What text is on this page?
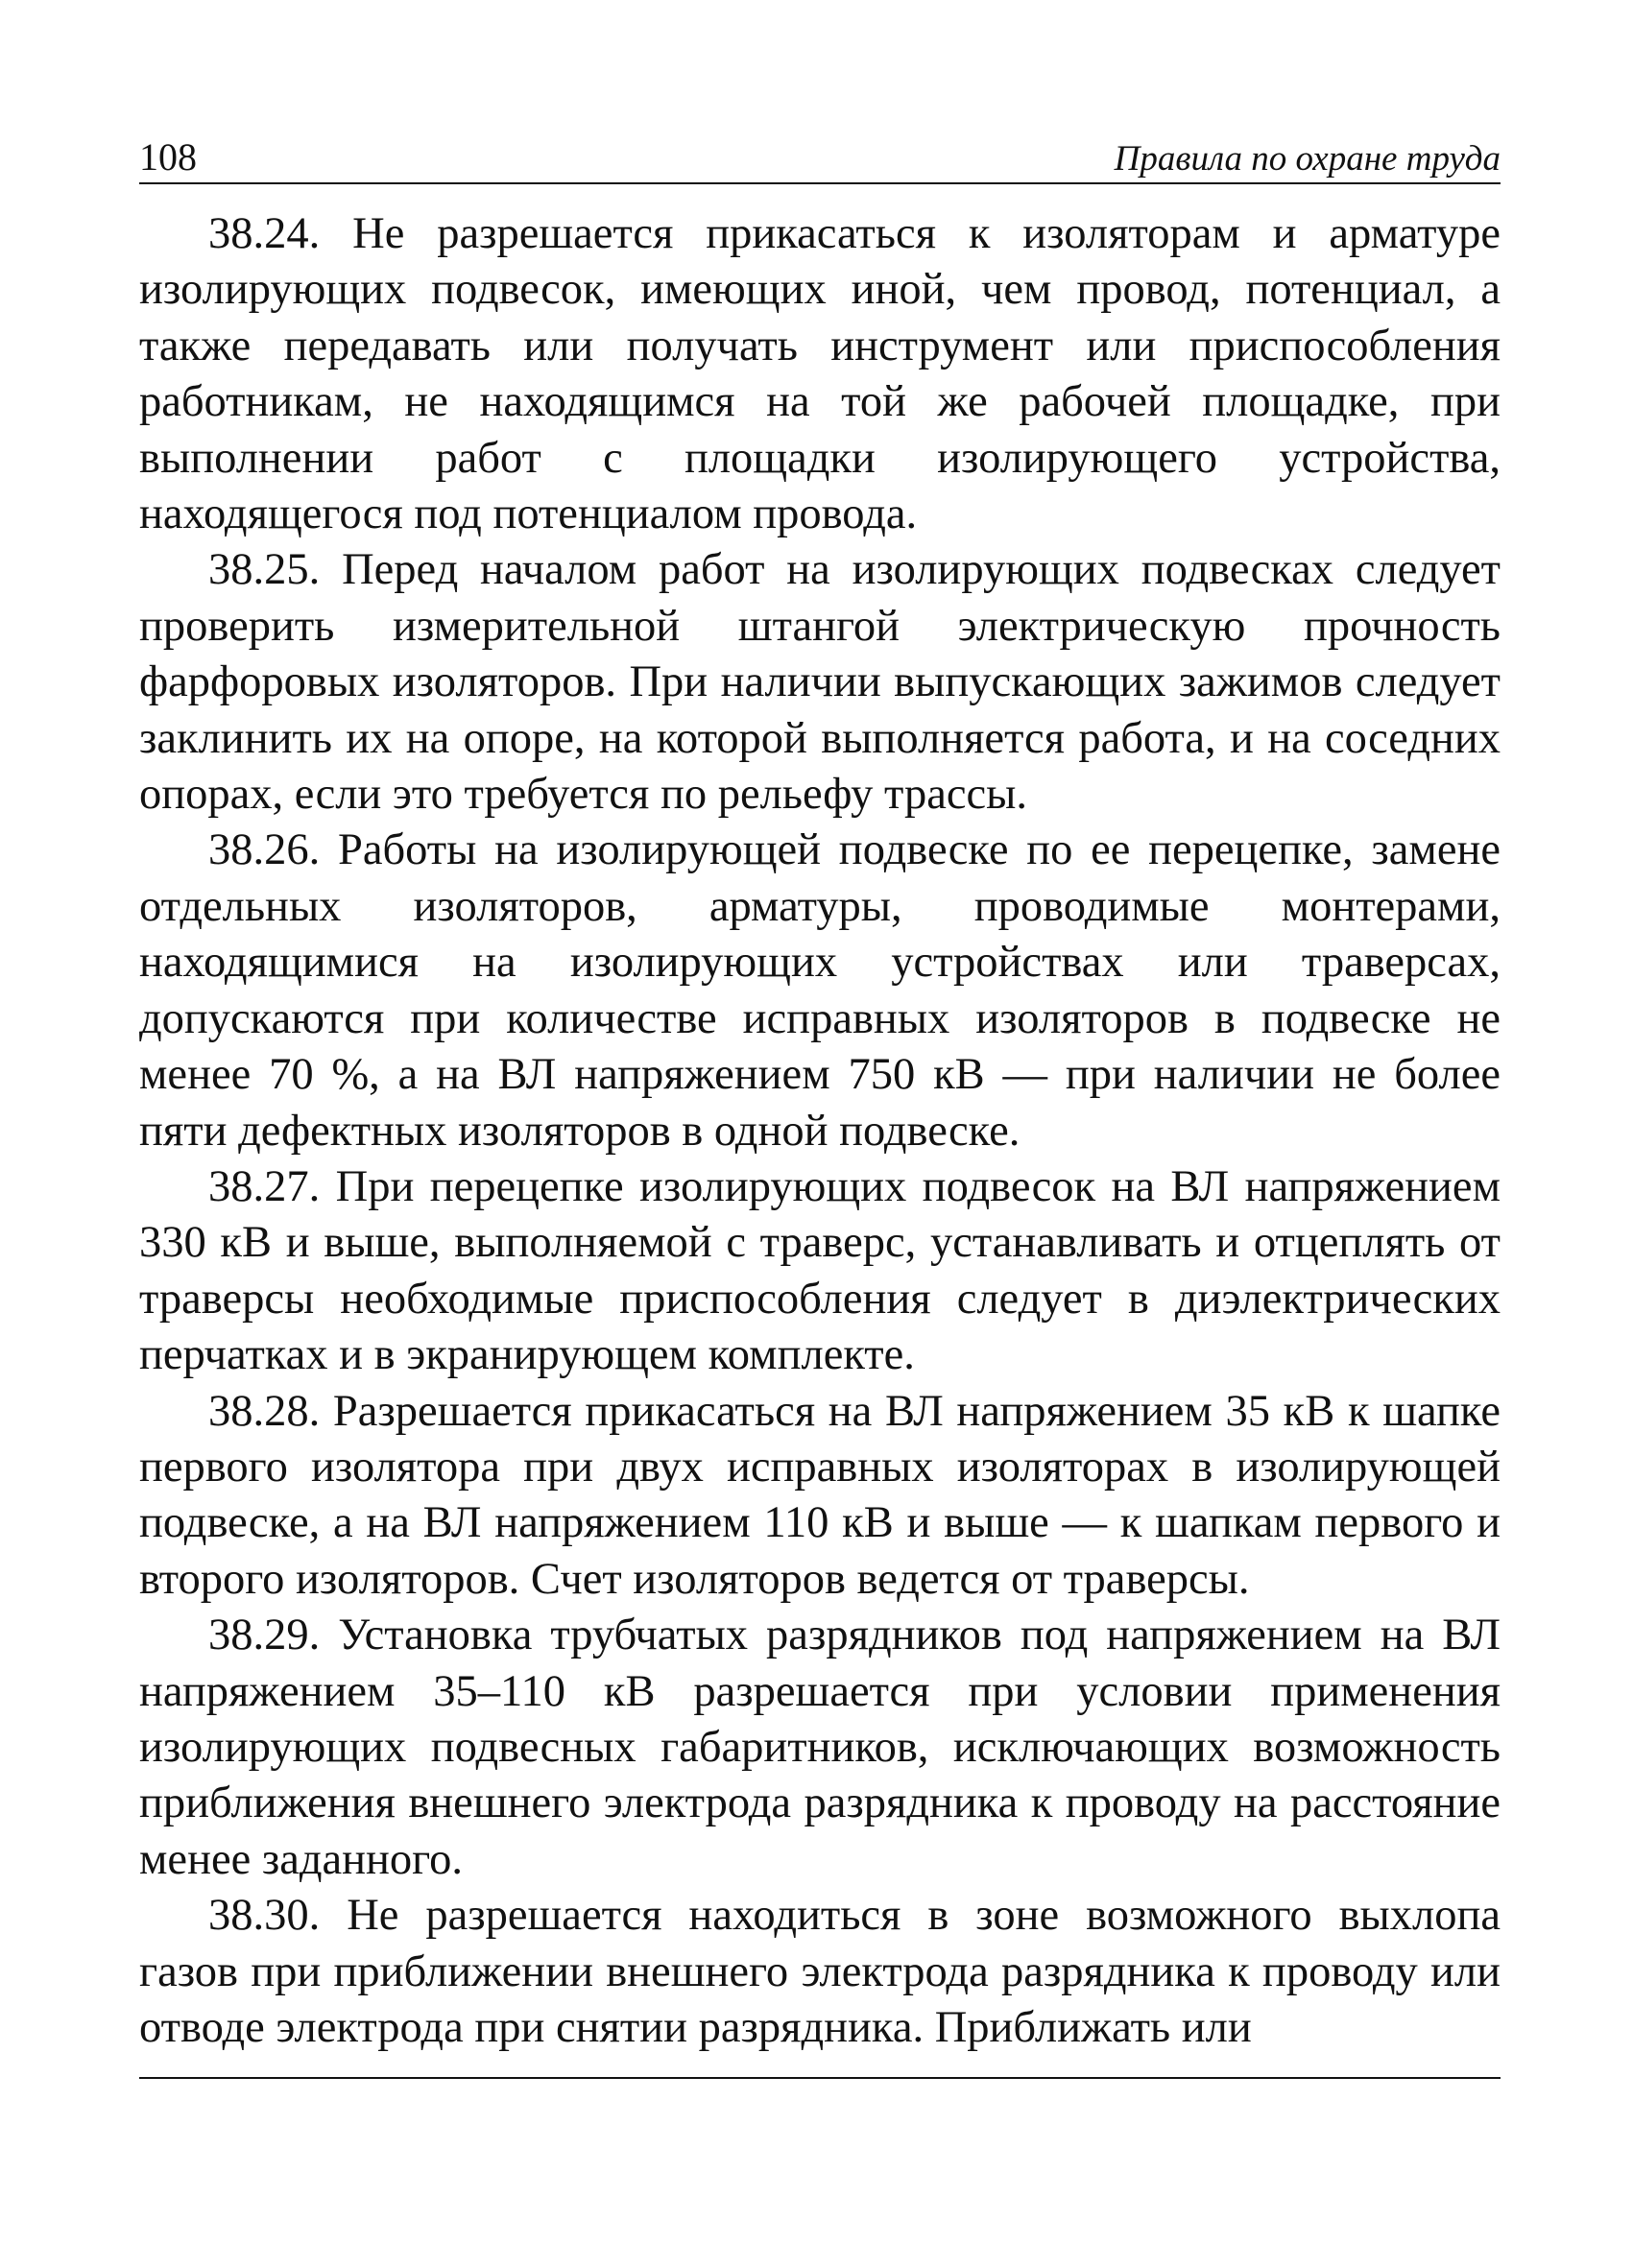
108	Правила по охране труда

38.24. Не разрешается прикасаться к изоляторам и арматуре изолирующих подвесок, имеющих иной, чем провод, потенциал, а также передавать или получать инструмент или приспособления работникам, не находящимся на той же рабочей площадке, при выполнении работ с площадки изолирующего устройства, находящегося под потенциалом провода.

38.25. Перед началом работ на изолирующих подвесках следует проверить измерительной штангой электрическую прочность фарфоровых изоляторов. При наличии выпускающих зажимов следует заклинить их на опоре, на которой выполняется работа, и на соседних опорах, если это требуется по рельефу трассы.

38.26. Работы на изолирующей подвеске по ее перецепке, замене отдельных изоляторов, арматуры, проводимые монтерами, находящимися на изолирующих устройствах или траверсах, допускаются при количестве исправных изоляторов в подвеске не менее 70 %, а на ВЛ напряжением 750 кВ — при наличии не более пяти дефектных изоляторов в одной подвеске.

38.27. При перецепке изолирующих подвесок на ВЛ напряжением 330 кВ и выше, выполняемой с траверс, устанавливать и отцеплять от траверсы необходимые приспособления следует в диэлектрических перчатках и в экранирующем комплекте.

38.28. Разрешается прикасаться на ВЛ напряжением 35 кВ к шапке первого изолятора при двух исправных изоляторах в изолирующей подвеске, а на ВЛ напряжением 110 кВ и выше — к шапкам первого и второго изоляторов. Счет изоляторов ведется от траверсы.

38.29. Установка трубчатых разрядников под напряжением на ВЛ напряжением 35–110 кВ разрешается при условии применения изолирующих подвесных габаритников, исключающих возможность приближения внешнего электрода разрядника к проводу на расстояние менее заданного.

38.30. Не разрешается находиться в зоне возможного выхлопа газов при приближении внешнего электрода разрядника к проводу или отводе электрода при снятии разрядника. Приближать или
